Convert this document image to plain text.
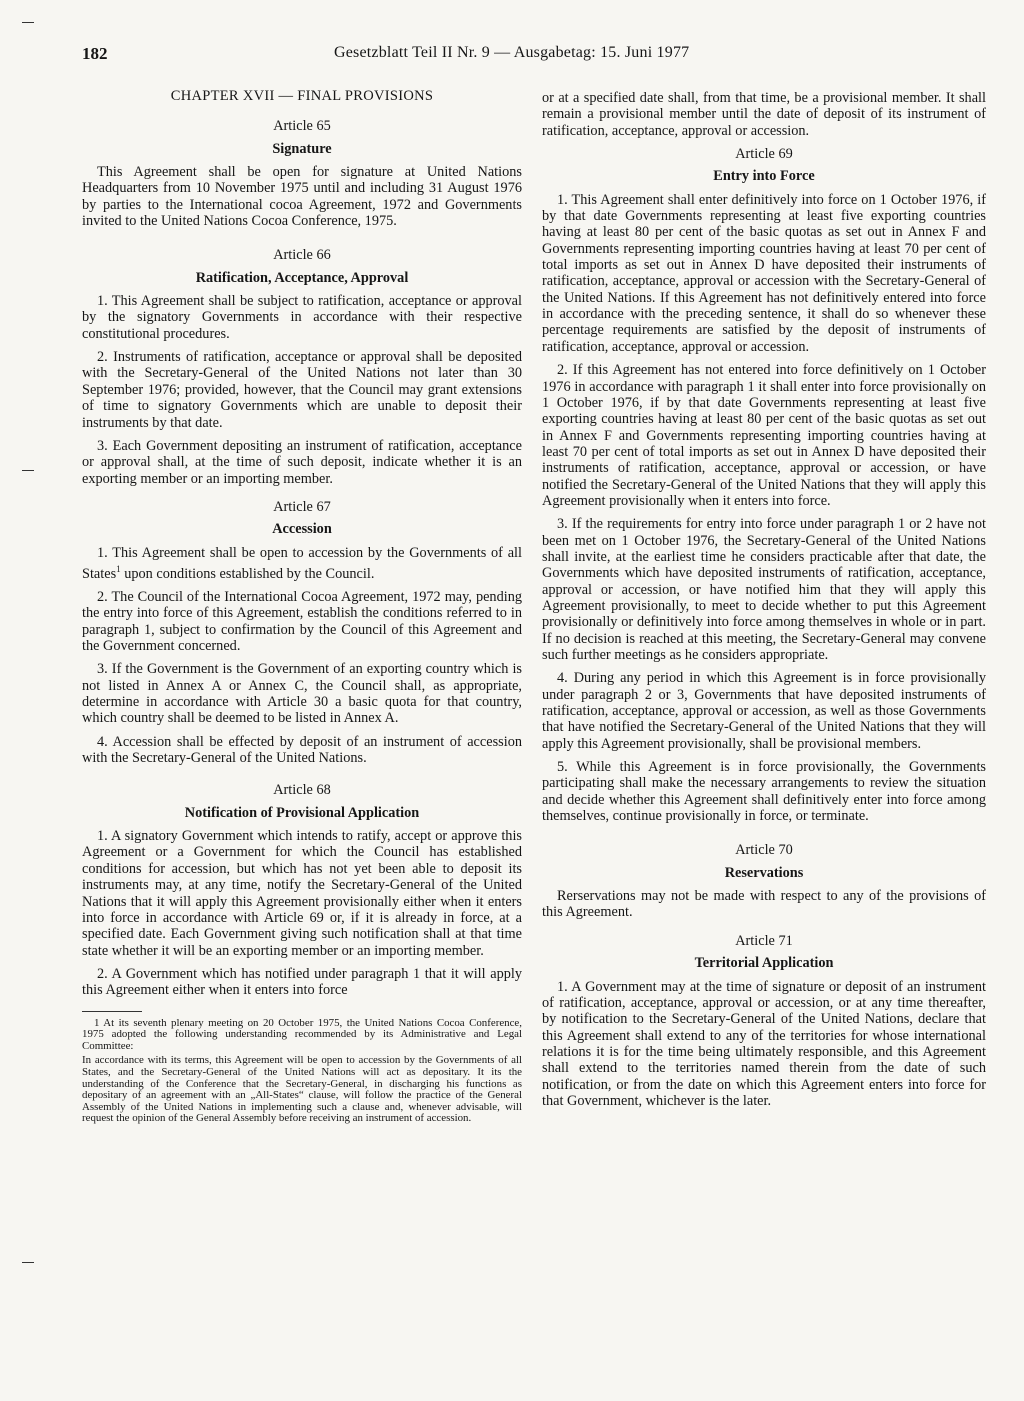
182	Gesetzblatt Teil II Nr. 9 — Ausgabetag: 15. Juni 1977
CHAPTER XVII — FINAL PROVISIONS
Article 65
Signature

This Agreement shall be open for signature at United Nations Headquarters from 10 November 1975 until and including 31 August 1976 by parties to the International cocoa Agreement, 1972 and Governments invited to the United Nations Cocoa Conference, 1975.

Article 66
Ratification, Acceptance, Approval

1. This Agreement shall be subject to ratification, acceptance or approval by the signatory Governments in accordance with their respective constitutional procedures.

2. Instruments of ratification, acceptance or approval shall be deposited with the Secretary-General of the United Nations not later than 30 September 1976; provided, however, that the Council may grant extensions of time to signatory Governments which are unable to deposit their instruments by that date.

3. Each Government depositing an instrument of ratification, acceptance or approval shall, at the time of such deposit, indicate whether it is an exporting member or an importing member.

Article 67
Accession

1. This Agreement shall be open to accession by the Governments of all States$^1$ upon conditions established by the Council.

2. The Council of the International Cocoa Agreement, 1972 may, pending the entry into force of this Agreement, establish the conditions referred to in paragraph 1, subject to confirmation by the Council of this Agreement and the Government concerned.

3. If the Government is the Government of an exporting country which is not listed in Annex A or Annex C, the Council shall, as appropriate, determine in accordance with Article 30 a basic quota for that country, which country shall be deemed to be listed in Annex A.

4. Accession shall be effected by deposit of an instrument of accession with the Secretary-General of the United Nations.

Article 68
Notification of Provisional Application

1. A signatory Government which intends to ratify, accept or approve this Agreement or a Government for which the Council has established conditions for accession, but which has not yet been able to deposit its instruments may, at any time, notify the Secretary-General of the United Nations that it will apply this Agreement provisionally either when it enters into force in accordance with Article 69 or, if it is already in force, at a specified date. Each Government giving such notification shall at that time state whether it will be an exporting member or an importing member.

2. A Government which has notified under paragraph 1 that it will apply this Agreement either when it enters into force

1 At its seventh plenary meeting on 20 October 1975, the United Nations Cocoa Conference, 1975 adopted the following understanding recommended by its Administrative and Legal Committee:

In accordance with its terms, this Agreement will be open to accession by the Governments of all States, and the Secretary-General of the United Nations will act as depositary. It its the understanding of the Conference that the Secretary-General, in discharging his functions as depositary of an agreement with an „All-States“ clause, will follow the practice of the General Assembly of the United Nations in implementing such a clause and, whenever advisable, will request the opinion of the General Assembly before receiving an instrument of accession.

or at a specified date shall, from that time, be a provisional member. It shall remain a provisional member until the date of deposit of its instrument of ratification, acceptance, approval or accession.

Article 69
Entry into Force

1. This Agreement shall enter definitively into force on 1 October 1976, if by that date Governments representing at least five exporting countries having at least 80 per cent of the basic quotas as set out in Annex F and Governments representing importing countries having at least 70 per cent of total imports as set out in Annex D have deposited their instruments of ratification, acceptance, approval or accession with the Secretary-General of the United Nations. If this Agreement has not definitively entered into force in accordance with the preceding sentence, it shall do so whenever these percentage requirements are satisfied by the deposit of instruments of ratification, acceptance, approval or accession.

2. If this Agreement has not entered into force definitively on 1 October 1976 in accordance with paragraph 1 it shall enter into force provisionally on 1 October 1976, if by that date Governments representing at least five exporting countries having at least 80 per cent of the basic quotas as set out in Annex F and Governments representing importing countries having at least 70 per cent of total imports as set out in Annex D have deposited their instruments of ratification, acceptance, approval or accession, or have notified the Secretary-General of the United Nations that they will apply this Agreement provisionally when it enters into force.

3. If the requirements for entry into force under paragraph 1 or 2 have not been met on 1 October 1976, the Secretary-General of the United Nations shall invite, at the earliest time he considers practicable after that date, the Governments which have deposited instruments of ratification, acceptance, approval or accession, or have notified him that they will apply this Agreement provisionally, to meet to decide whether to put this Agreement provisionally or definitively into force among themselves in whole or in part. If no decision is reached at this meeting, the Secretary-General may convene such further meetings as he considers appropriate.

4. During any period in which this Agreement is in force provisionally under paragraph 2 or 3, Governments that have deposited instruments of ratification, acceptance, approval or accession, as well as those Governments that have notified the Secretary-General of the United Nations that they will apply this Agreement provisionally, shall be provisional members.

5. While this Agreement is in force provisionally, the Governments participating shall make the necessary arrangements to review the situation and decide whether this Agreement shall definitively enter into force among themselves, continue provisionally in force, or terminate.

Article 70
Reservations

Rerservations may not be made with respect to any of the provisions of this Agreement.

Article 71
Territorial Application

1. A Government may at the time of signature or deposit of an instrument of ratification, acceptance, approval or accession, or at any time thereafter, by notification to the Secretary-General of the United Nations, declare that this Agreement shall extend to any of the territories for whose international relations it is for the time being ultimately responsible, and this Agreement shall extend to the territories named therein from the date of such notification, or from the date on which this Agreement enters into force for that Government, whichever is the later.
